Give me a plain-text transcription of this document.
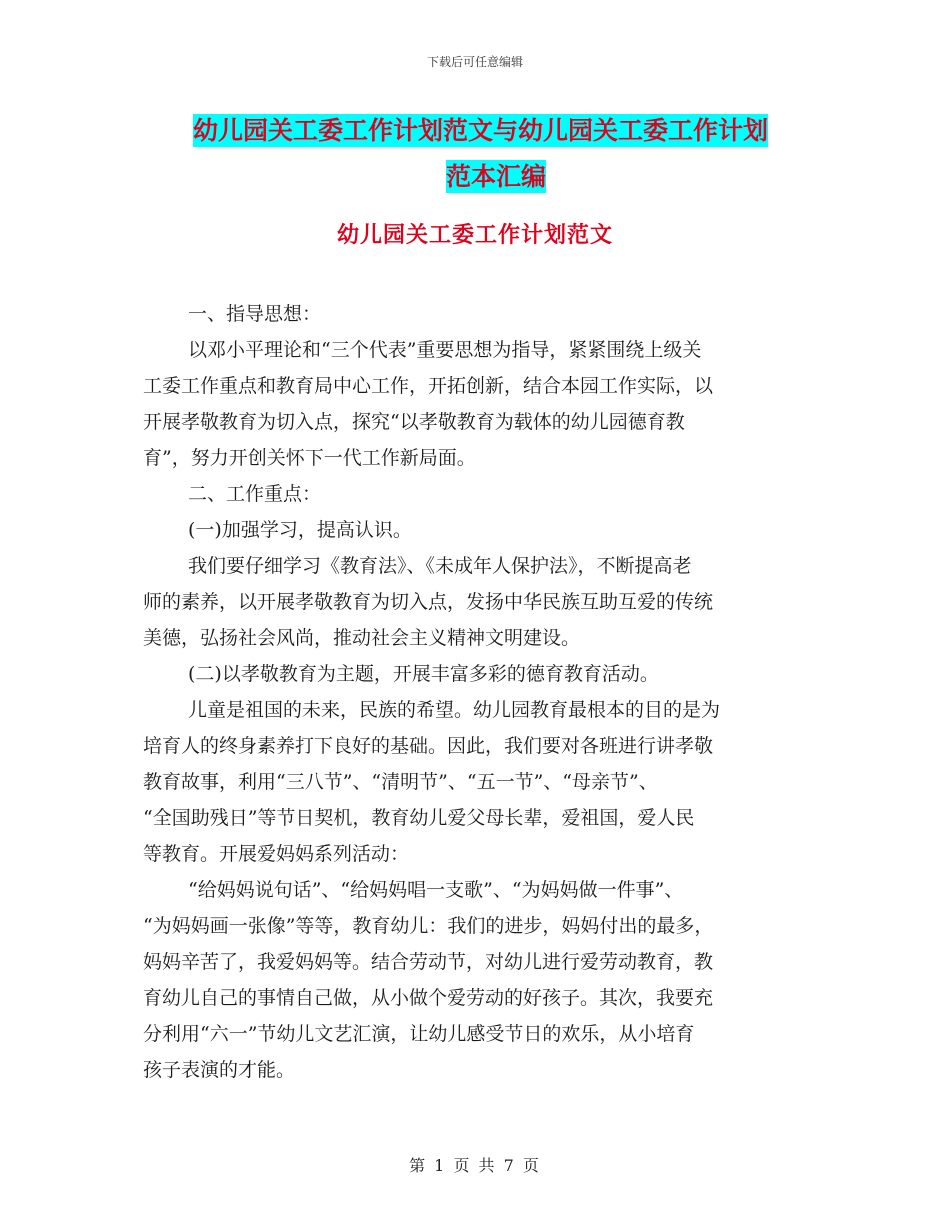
下载后可任意编辑
幼儿园关工委工作计划范文与幼儿园关工委工作计划
范本汇编
幼儿园关工委工作计划范文

一、指导思想：

以邓小平理论和“三个代表”重要思想为指导，紧紧围绕上级关
工委工作重点和教育局中心工作，开拓创新，结合本园工作实际，以
开展孝敬教育为切入点，探究“以孝敬教育为载体的幼儿园德育教
育”，努力开创关怀下一代工作新局面。

二、工作重点：

(一)加强学习，提高认识。

我们要仔细学习《教育法》、《未成年人保护法》，不断提高老
师的素养，以开展孝敬教育为切入点，发扬中华民族互助互爱的传统
美德，弘扬社会风尚，推动社会主义精神文明建设。

(二)以孝敬教育为主题，开展丰富多彩的德育教育活动。

儿童是祖国的未来，民族的希望。幼儿园教育最根本的目的是为
培育人的终身素养打下良好的基础。因此，我们要对各班进行讲孝敬
教育故事，利用“三八节”、“清明节”、“五一节”、“母亲节”、
“全国助残日”等节日契机，教育幼儿爱父母长辈，爱祖国，爱人民
等教育。开展爱妈妈系列活动：

“给妈妈说句话”、“给妈妈唱一支歌”、“为妈妈做一件事”、
“为妈妈画一张像”等等，教育幼儿：我们的进步，妈妈付出的最多，
妈妈辛苦了，我爱妈妈等。结合劳动节，对幼儿进行爱劳动教育，教
育幼儿自己的事情自己做，从小做个爱劳动的好孩子。其次，我要充
分利用“六一”节幼儿文艺汇演，让幼儿感受节日的欢乐，从小培育
孩子表演的才能。

第 1 页 共 7 页
